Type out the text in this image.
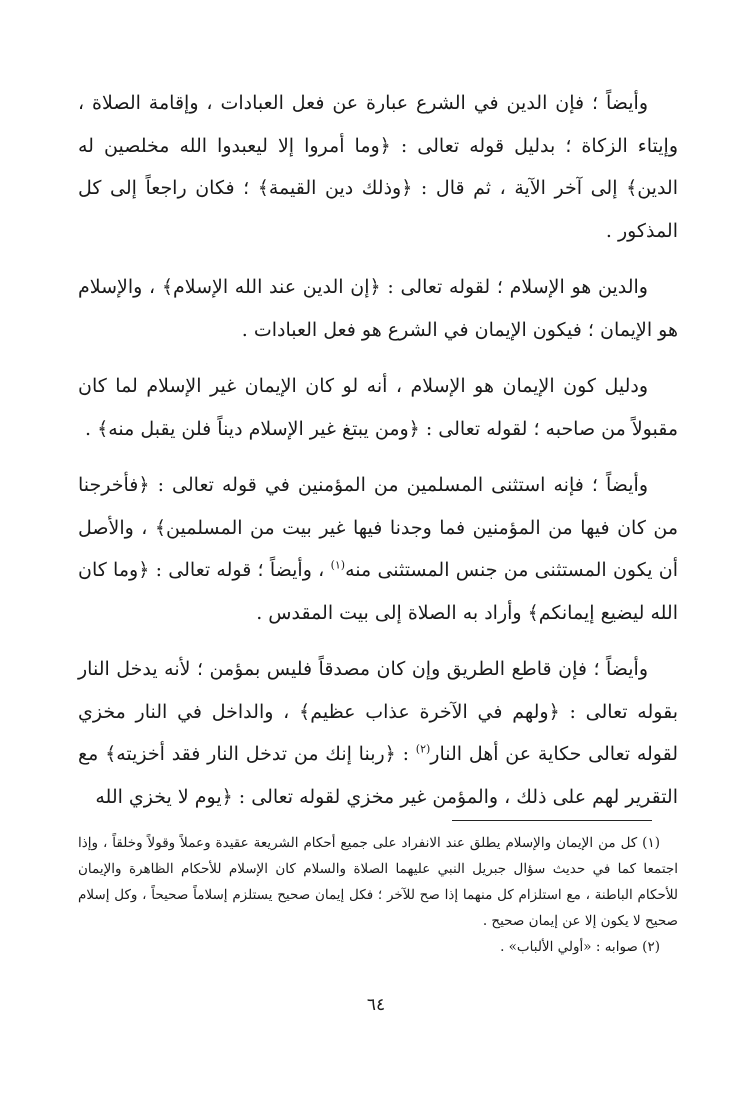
وأيضاً ؛ فإن الدين في الشرع عبارة عن فعل العبادات ، وإقامة الصلاة ، وإيتاء الزكاة ؛ بدليل قوله تعالى : ﴿وما أمروا إلا ليعبدوا الله مخلصين له الدين﴾ إلى آخر الآية ، ثم قال : ﴿وذلك دين القيمة﴾ ؛ فكان راجعاً إلى كل المذكور .

والدين هو الإسلام ؛ لقوله تعالى : ﴿إن الدين عند الله الإسلام﴾ ، والإسلام هو الإيمان ؛ فيكون الإيمان في الشرع هو فعل العبادات .

ودليل كون الإيمان هو الإسلام ، أنه لو كان الإيمان غير الإسلام لما كان مقبولاً من صاحبه ؛ لقوله تعالى : ﴿ومن يبتغ غير الإسلام ديناً فلن يقبل منه﴾ .

وأيضاً ؛ فإنه استثنى المسلمين من المؤمنين في قوله تعالى : ﴿فأخرجنا من كان فيها من المؤمنين فما وجدنا فيها غير بيت من المسلمين﴾ ، والأصل أن يكون المستثنى من جنس المستثنى منه$^{(١)}$ ، وأيضاً ؛ قوله تعالى : ﴿وما كان الله ليضيع إيمانكم﴾ وأراد به الصلاة إلى بيت المقدس .

وأيضاً ؛ فإن قاطع الطريق وإن كان مصدقاً فليس بمؤمن ؛ لأنه يدخل النار بقوله تعالى : ﴿ولهم في الآخرة عذاب عظيم﴾ ، والداخل في النار مخزي لقوله تعالى حكاية عن أهل النار$^{(٢)}$ : ﴿ربنا إنك من تدخل النار فقد أخزيته﴾ مع التقرير لهم على ذلك ، والمؤمن غير مخزي لقوله تعالى : ﴿يوم لا يخزي الله

(١) كل من الإيمان والإسلام يطلق عند الانفراد على جميع أحكام الشريعة عقيدة وعملاً وقولاً وخلقاً ، وإذا اجتمعا كما في حديث سؤال جبريل النبي عليهما الصلاة والسلام كان الإسلام للأحكام الظاهرة والإيمان للأحكام الباطنة ، مع استلزام كل منهما إذا صح للآخر ؛ فكل إيمان صحيح يستلزم إسلاماً صحيحاً ، وكل إسلام صحيح لا يكون إلا عن إيمان صحيح .

(٢) صوابه : «أولي الألباب» .

٦٤
